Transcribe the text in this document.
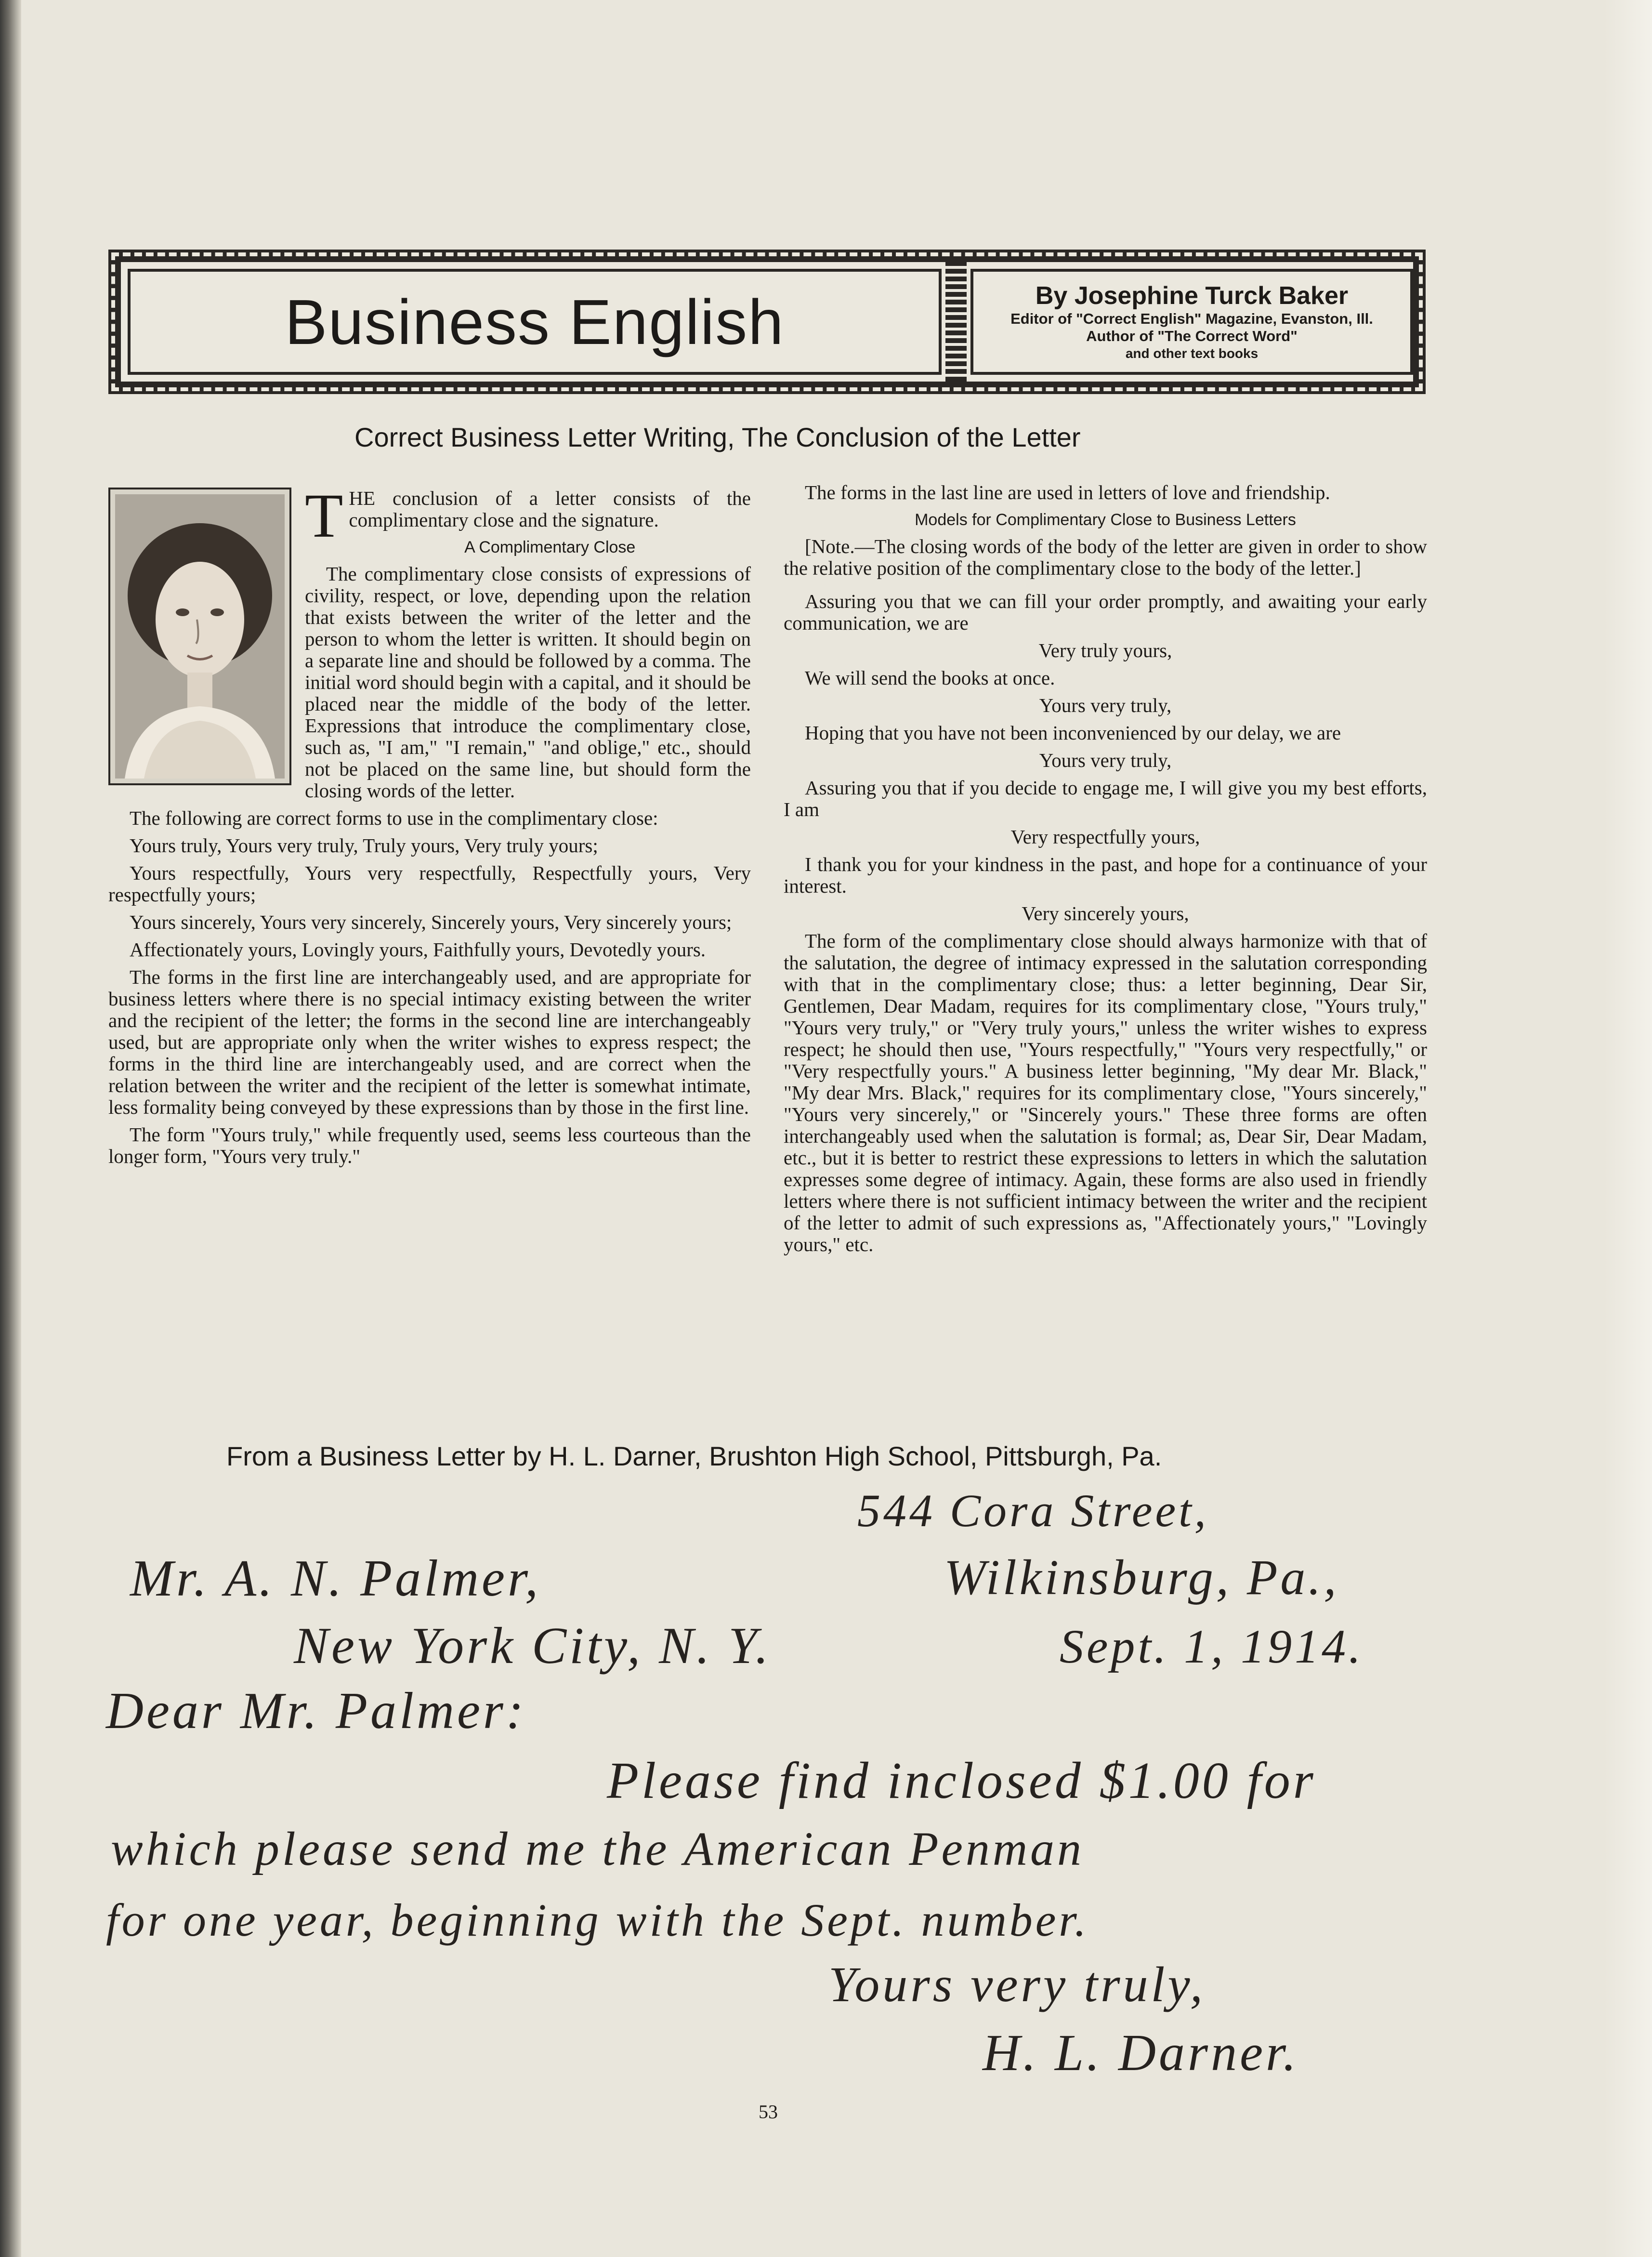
Business English	By Josephine Turck Baker
Editor of "Correct English" Magazine, Evanston, Ill.
Author of "The Correct Word"
and other text books
Correct Business Letter Writing, The Conclusion of the Letter
T HE conclusion of a letter consists of the complimentary close and the signature.

A Complimentary Close

The complimentary close consists of expressions of civility, respect, or love, depending upon the relation that exists between the writer of the letter and the person to whom the letter is written. It should begin on a separate line and should be followed by a comma. The initial word should begin with a capital, and it should be placed near the middle of the body of the letter. Expressions that introduce the complimentary close, such as, "I am," "I remain," "and oblige," etc., should not be placed on the same line, but should form the closing words of the letter.

The following are correct forms to use in the complimentary close:

Yours truly, Yours very truly, Truly yours, Very truly yours;

Yours respectfully, Yours very respectfully, Respectfully yours, Very respectfully yours;

Yours sincerely, Yours very sincerely, Sincerely yours, Very sincerely yours;

Affectionately yours, Lovingly yours, Faithfully yours, Devotedly yours.

The forms in the first line are interchangeably used, and are appropriate for business letters where there is no special intimacy existing between the writer and the recipient of the letter; the forms in the second line are interchangeably used, but are appropriate only when the writer wishes to express respect; the forms in the third line are interchangeably used, and are correct when the relation between the writer and the recipient of the letter is somewhat intimate, less formality being conveyed by these expressions than by those in the first line.

The form "Yours truly," while frequently used, seems less courteous than the longer form, "Yours very truly."

The forms in the last line are used in letters of love and friendship.

Models for Complimentary Close to Business Letters

[Note.—The closing words of the body of the letter are given in order to show the relative position of the complimentary close to the body of the letter.]

Assuring you that we can fill your order promptly, and awaiting your early communication, we are

Very truly yours,

We will send the books at once.

Yours very truly,

Hoping that you have not been inconvenienced by our delay, we are

Yours very truly,

Assuring you that if you decide to engage me, I will give you my best efforts, I am

Very respectfully yours,

I thank you for your kindness in the past, and hope for a continuance of your interest.

Very sincerely yours,

The form of the complimentary close should always harmonize with that of the salutation, the degree of intimacy expressed in the salutation corresponding with that in the complimentary close; thus: a letter beginning, Dear Sir, Gentlemen, Dear Madam, requires for its complimentary close, "Yours truly," "Yours very truly," or "Very truly yours," unless the writer wishes to express respect; he should then use, "Yours respectfully," "Yours very respectfully," or "Very respectfully yours." A business letter beginning, "My dear Mr. Black," "My dear Mrs. Black," requires for its complimentary close, "Yours sincerely," "Yours very sincerely," or "Sincerely yours." These three forms are often interchangeably used when the salutation is formal; as, Dear Sir, Dear Madam, etc., but it is better to restrict these expressions to letters in which the salutation expresses some degree of intimacy. Again, these forms are also used in friendly letters where there is not sufficient intimacy between the writer and the recipient of the letter to admit of such expressions as, "Affectionately yours," "Lovingly yours," etc.

From a Business Letter by H. L. Darner, Brushton High School, Pittsburgh, Pa.
544 Cora Street,
Wilkinsburg, Pa.,
Sept. 1, 1914.
Mr. A. N. Palmer,
New York City, N. Y.
Dear Mr. Palmer:
Please find inclosed $1.00 for
which please send me the American Penman
for one year, beginning with the Sept. number.
Yours very truly,
H. L. Darner.
53
